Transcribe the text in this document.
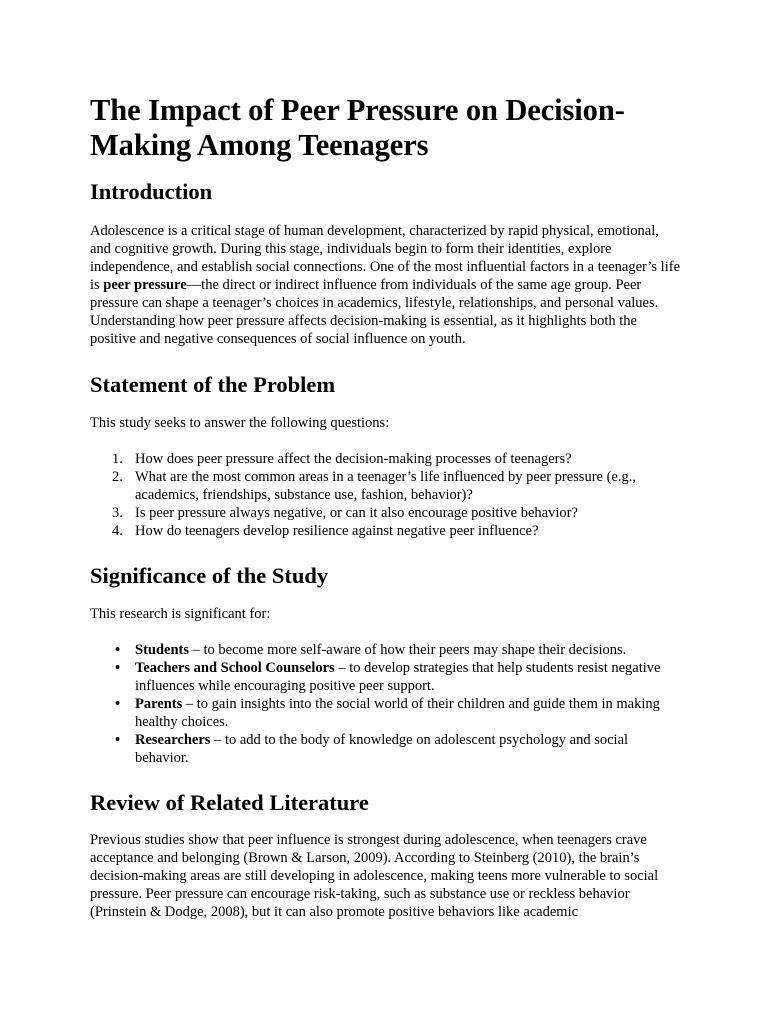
The Impact of Peer Pressure on Decision-Making Among Teenagers
Introduction

Adolescence is a critical stage of human development, characterized by rapid physical, emotional, and cognitive growth. During this stage, individuals begin to form their identities, explore independence, and establish social connections. One of the most influential factors in a teenager’s life is peer pressure—the direct or indirect influence from individuals of the same age group. Peer pressure can shape a teenager’s choices in academics, lifestyle, relationships, and personal values. Understanding how peer pressure affects decision-making is essential, as it highlights both the positive and negative consequences of social influence on youth.

Statement of the Problem

This study seeks to answer the following questions:

1. How does peer pressure affect the decision-making processes of teenagers?
2. What are the most common areas in a teenager’s life influenced by peer pressure (e.g., academics, friendships, substance use, fashion, behavior)?
3. Is peer pressure always negative, or can it also encourage positive behavior?
4. How do teenagers develop resilience against negative peer influence?
Significance of the Study

This research is significant for:

• Students – to become more self-aware of how their peers may shape their decisions.
• Teachers and School Counselors – to develop strategies that help students resist negative influences while encouraging positive peer support.
• Parents – to gain insights into the social world of their children and guide them in making healthy choices.
• Researchers – to add to the body of knowledge on adolescent psychology and social behavior.
Review of Related Literature

Previous studies show that peer influence is strongest during adolescence, when teenagers crave acceptance and belonging (Brown & Larson, 2009). According to Steinberg (2010), the brain’s decision-making areas are still developing in adolescence, making teens more vulnerable to social pressure. Peer pressure can encourage risk-taking, such as substance use or reckless behavior (Prinstein & Dodge, 2008), but it can also promote positive behaviors like academic
